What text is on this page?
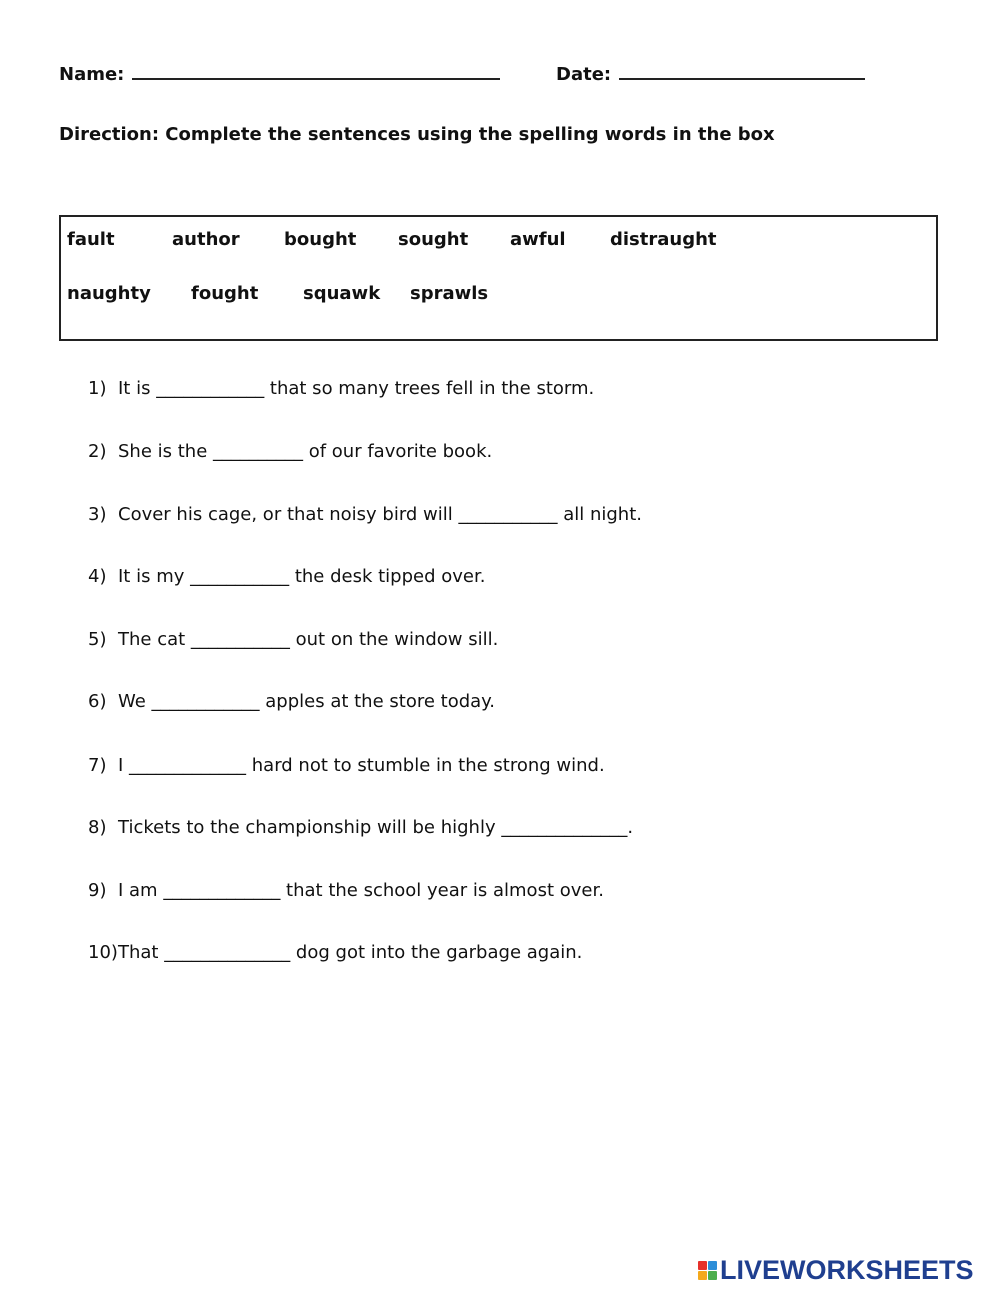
Name:	Date:
Direction: Complete the sentences using the spelling words in the box
fault	author bought sought awful distraught
naughty fought squawk sprawls
1) It is ____________ that so many trees fell in the storm.
2) She is the __________ of our favorite book.
3) Cover his cage, or that noisy bird will ___________ all night.
4) It is my ___________ the desk tipped over.
5) The cat ___________ out on the window sill.
6) We ____________ apples at the store today.
7) I _____________ hard not to stumble in the strong wind.
8) Tickets to the championship will be highly ______________.
9) I am _____________ that the school year is almost over.
10)That ______________ dog got into the garbage again.
LIVEWORKSHEETS
